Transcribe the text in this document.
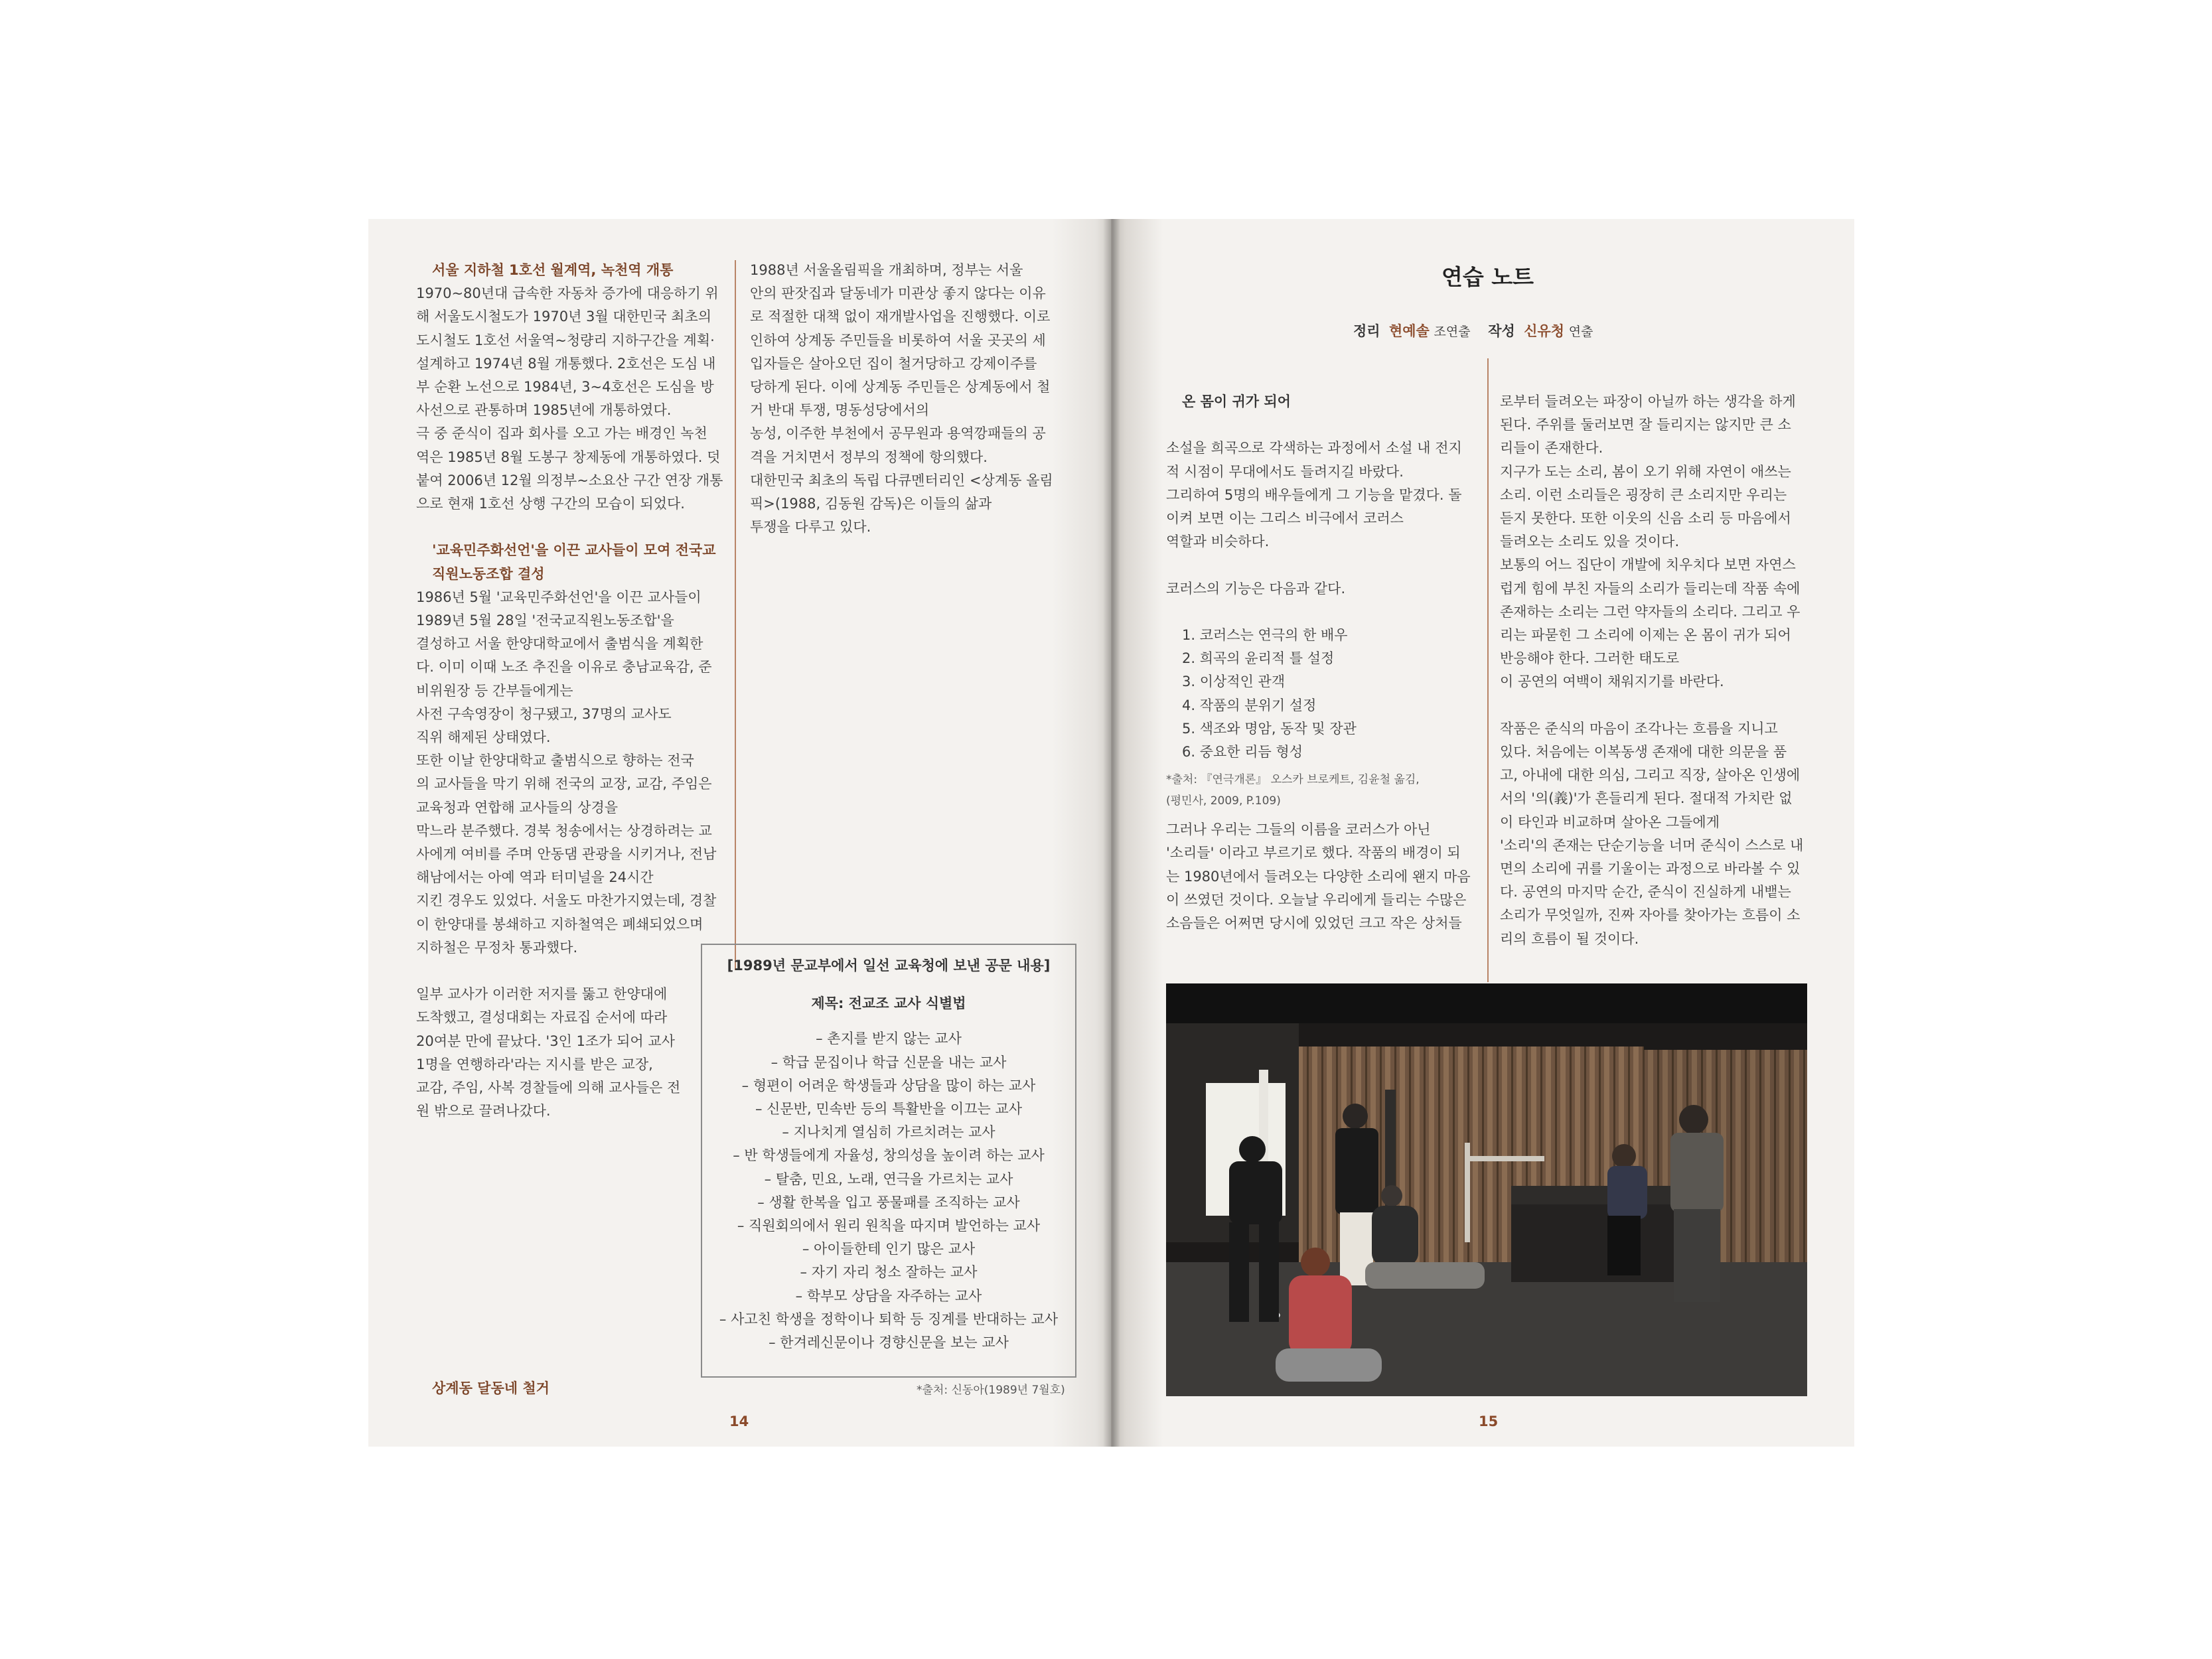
서울 지하철 1호선 월계역, 녹천역 개통

1970~80년대 급속한 자동차 증가에 대응하기 위

해 서울도시철도가 1970년 3월 대한민국 최초의

도시철도 1호선 서울역~청량리 지하구간을 계획·

설계하고 1974년 8월 개통했다. 2호선은 도심 내

부 순환 노선으로 1984년, 3~4호선은 도심을 방

사선으로 관통하며 1985년에 개통하였다.

극 중 준식이 집과 회사를 오고 가는 배경인 녹천

역은 1985년 8월 도봉구 창제동에 개통하였다. 덧

붙여 2006년 12월 의정부~소요산 구간 연장 개통

으로 현재 1호선 상행 구간의 모습이 되었다.

'교육민주화선언'을 이끈 교사들이 모여 전국교

직원노동조합 결성

1986년 5월 '교육민주화선언'을 이끈 교사들이

1989년 5월 28일 '전국교직원노동조합'을

결성하고 서울 한양대학교에서 출범식을 계획한

다. 이미 이때 노조 추진을 이유로 충남교육감, 준

비위원장 등 간부들에게는

사전 구속영장이 청구됐고, 37명의 교사도

직위 해제된 상태였다.

또한 이날 한양대학교 출범식으로 향하는 전국

의 교사들을 막기 위해 전국의 교장, 교감, 주임은

교육청과 연합해 교사들의 상경을

막느라 분주했다. 경북 청송에서는 상경하려는 교

사에게 여비를 주며 안동댐 관광을 시키거나, 전남

해남에서는 아예 역과 터미널을 24시간

지킨 경우도 있었다. 서울도 마찬가지였는데, 경찰

이 한양대를 봉쇄하고 지하철역은 폐쇄되었으며

지하철은 무정차 통과했다.

일부 교사가 이러한 저지를 뚫고 한양대에

도착했고, 결성대회는 자료집 순서에 따라

20여분 만에 끝났다. '3인 1조가 되어 교사

1명을 연행하라'라는 지시를 받은 교장,

교감, 주임, 사복 경찰들에 의해 교사들은 전

원 밖으로 끌려나갔다.

상계동 달동네 철거

1988년 서울올림픽을 개최하며, 정부는 서울

안의 판잣집과 달동네가 미관상 좋지 않다는 이유

로 적절한 대책 없이 재개발사업을 진행했다. 이로

인하여 상계동 주민들을 비롯하여 서울 곳곳의 세

입자들은 살아오던 집이 철거당하고 강제이주를

당하게 된다. 이에 상계동 주민들은 상계동에서 철

거 반대 투쟁, 명동성당에서의

농성, 이주한 부천에서 공무원과 용역깡패들의 공

격을 거치면서 정부의 정책에 항의했다.

대한민국 최초의 독립 다큐멘터리인 <상계동 올림

픽>(1988, 김동원 감독)은 이들의 삶과

투쟁을 다루고 있다.

[1989년 문교부에서 일선 교육청에 보낸 공문 내용]
제목: 전교조 교사 식별법

– 촌지를 받지 않는 교사

– 학급 문집이나 학급 신문을 내는 교사

– 형편이 어려운 학생들과 상담을 많이 하는 교사

– 신문반, 민속반 등의 특활반을 이끄는 교사

– 지나치게 열심히 가르치려는 교사

– 반 학생들에게 자율성, 창의성을 높이려 하는 교사

– 탈춤, 민요, 노래, 연극을 가르치는 교사

– 생활 한복을 입고 풍물패를 조직하는 교사

– 직원회의에서 원리 원칙을 따지며 발언하는 교사

– 아이들한테 인기 많은 교사

– 자기 자리 청소 잘하는 교사

– 학부모 상담을 자주하는 교사

– 사고친 학생을 정학이나 퇴학 등 징계를 반대하는 교사

– 한겨레신문이나 경향신문을 보는 교사

*출처: 신동아(1989년 7월호)

14
연습 노트
정리 현예솔 조연출 작성 신유청 연출

온 몸이 귀가 되어

소설을 희곡으로 각색하는 과정에서 소설 내 전지

적 시점이 무대에서도 들려지길 바랐다.

그리하여 5명의 배우들에게 그 기능을 맡겼다. 돌

이켜 보면 이는 그리스 비극에서 코러스

역할과 비슷하다.

코러스의 기능은 다음과 같다.

1. 코러스는 연극의 한 배우

2. 희곡의 윤리적 틀 설정

3. 이상적인 관객

4. 작품의 분위기 설정

5. 색조와 명암, 동작 및 장관

6. 중요한 리듬 형성

*출처: 『연극개론』 오스카 브로케트, 김윤철 옮김,

(평민사, 2009, P.109)

그러나 우리는 그들의 이름을 코러스가 아닌

'소리들' 이라고 부르기로 했다. 작품의 배경이 되

는 1980년에서 들려오는 다양한 소리에 왠지 마음

이 쓰였던 것이다. 오늘날 우리에게 들리는 수많은

소음들은 어쩌면 당시에 있었던 크고 작은 상처들

로부터 들려오는 파장이 아닐까 하는 생각을 하게

된다. 주위를 둘러보면 잘 들리지는 않지만 큰 소

리들이 존재한다.

지구가 도는 소리, 봄이 오기 위해 자연이 애쓰는

소리. 이런 소리들은 굉장히 큰 소리지만 우리는

듣지 못한다. 또한 이웃의 신음 소리 등 마음에서

들려오는 소리도 있을 것이다.

보통의 어느 집단이 개발에 치우치다 보면 자연스

럽게 힘에 부친 자들의 소리가 들리는데 작품 속에

존재하는 소리는 그런 약자들의 소리다. 그리고 우

리는 파묻힌 그 소리에 이제는 온 몸이 귀가 되어

반응해야 한다. 그러한 태도로

이 공연의 여백이 채워지기를 바란다.

작품은 준식의 마음이 조각나는 흐름을 지니고

있다. 처음에는 이복동생 존재에 대한 의문을 품

고, 아내에 대한 의심, 그리고 직장, 살아온 인생에

서의 '의(義)'가 흔들리게 된다. 절대적 가치란 없

이 타인과 비교하며 살아온 그들에게

'소리'의 존재는 단순기능을 너머 준식이 스스로 내

면의 소리에 귀를 기울이는 과정으로 바라볼 수 있

다. 공연의 마지막 순간, 준식이 진실하게 내뱉는

소리가 무엇일까, 진짜 자아를 찾아가는 흐름이 소

리의 흐름이 될 것이다.

15
